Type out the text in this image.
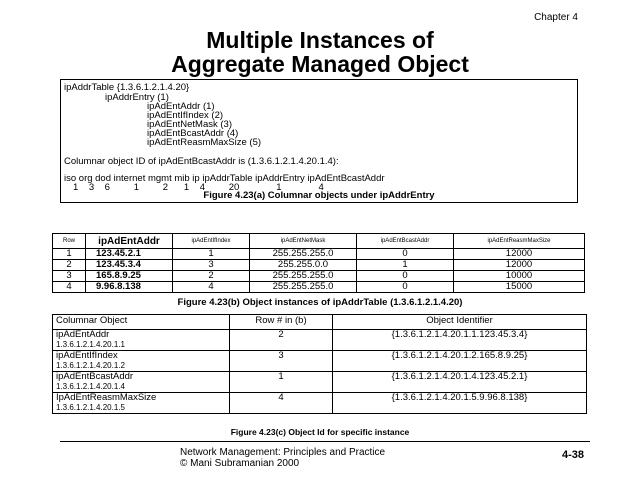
Chapter 4
Multiple Instances of
Aggregate Managed Object
ipAddrTable {1.3.6.1.2.1.4.20}
ipAddrEntry (1)
ipAdEntAddr (1)
ipAdEntIfIndex (2)
ipAdEntNetMask (3)
ipAdEntBcastAddr (4)
ipAdEntReasmMaxSize (5)
Columnar object ID of ipAdEntBcastAddr is (1.3.6.1.2.1.4.20.1.4):
iso org dod internet mgmt mib ip ipAddrTable ipAddrEntry ipAdEntBcastAddr
1    3    6         1         2      1    4         20              1              4
Figure 4.23(a) Columnar objects under ipAddrEntry
Row	ipAdEntAddr	ipAdEntIfIndex	ipAdEntNetMask	ipAdEntBcastAddr	ipAdEntReasmMaxSize
1	123.45.2.1	1	255.255.255.0	0	12000
2	123.45.3.4	3	255.255.0.0	1	12000
3	165.8.9.25	2	255.255.255.0	0	10000
4	9.96.8.138	4	255.255.255.0	0	15000
Figure 4.23(b) Object instances of ipAddrTable (1.3.6.1.2.1.4.20)
Columnar Object	Row # in (b)	Object Identifier

ipAdEntAddr
1.3.6.1.2.1.4.20.1.1	2	{1.3.6.1.2.1.4.20.1.1.123.45.3.4}

ipAdEntIfIndex
1.3.6.1.2.1.4.20.1.2	3	{1.3.6.1.2.1.4.20.1.2.165.8.9.25}

ipAdEntBcastAddr
1.3.6.1.2.1.4.20.1.4	1	{1.3.6.1.2.1.4.20.1.4.123.45.2.1}

IpAdEntReasmMaxSize
1.3.6.1.2.1.4.20.1.5	4	{1.3.6.1.2.1.4.20.1.5.9.96.8.138}
Figure 4.23(c) Object Id for specific instance
Network Management: Principles and Practice
© Mani Subramanian 2000
4-38
